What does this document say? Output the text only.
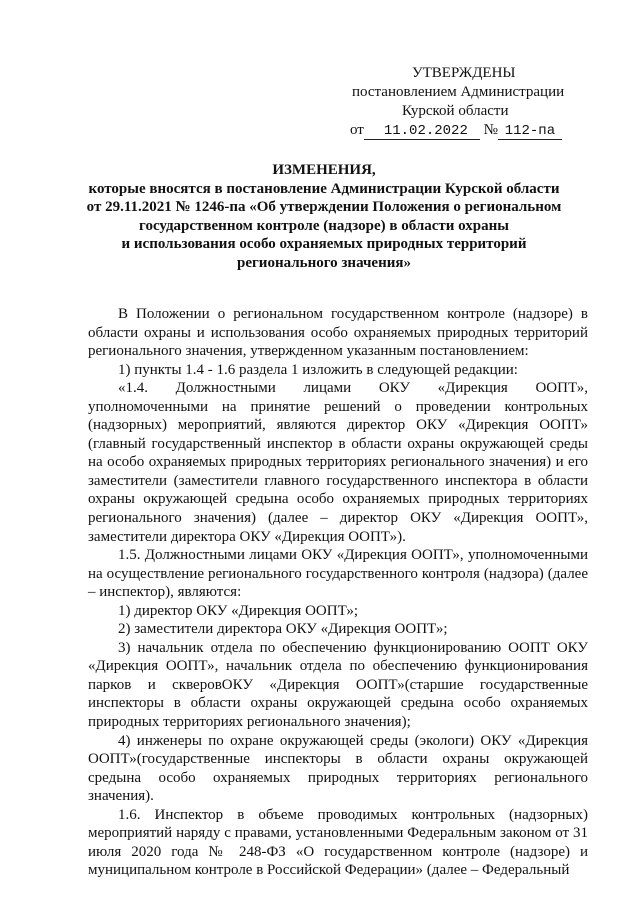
УТВЕРЖДЕНЫ
постановлением Администрации
Курской области
от 11.02.2022 № 112-па
ИЗМЕНЕНИЯ,
которые вносятся в постановление Администрации Курской области
от 29.11.2021 № 1246-па «Об утверждении Положения о региональном
государственном контроле (надзоре) в области охраны
и использования особо охраняемых природных территорий
регионального значения»

В Положении о региональном государственном контроле (надзоре) в области охраны и использования особо охраняемых природных территорий регионального значения, утвержденном указанным постановлением:

1) пункты 1.4 - 1.6 раздела 1 изложить в следующей редакции:

«1.4. Должностными лицами ОКУ «Дирекция ООПТ», уполномоченными на принятие решений о проведении контрольных (надзорных) мероприятий, являются директор ОКУ «Дирекция ООПТ» (главный государственный инспектор в области охраны окружающей среды на особо охраняемых природных территориях регионального значения) и его заместители (заместители главного государственного инспектора в области охраны окружающей средына особо охраняемых природных территориях регионального значения) (далее – директор ОКУ «Дирекция ООПТ», заместители директора ОКУ «Дирекция ООПТ»).

1.5. Должностными лицами ОКУ «Дирекция ООПТ», уполномоченными на осуществление регионального государственного контроля (надзора) (далее – инспектор), являются:

1) директор ОКУ «Дирекция ООПТ»;

2) заместители директора ОКУ «Дирекция ООПТ»;

3) начальник отдела по обеспечению функционированию ООПТ ОКУ «Дирекция ООПТ», начальник отдела по обеспечению функционирования парков и скверовОКУ «Дирекция ООПТ»(старшие государственные инспекторы в области охраны окружающей средына особо охраняемых природных территориях регионального значения);

4) инженеры по охране окружающей среды (экологи) ОКУ «Дирекция ООПТ»(государственные инспекторы в области охраны окружающей средына особо охраняемых природных территориях регионального значения).

1.6. Инспектор в объеме проводимых контрольных (надзорных) мероприятий наряду с правами, установленными Федеральным законом от 31 июля 2020 года № 248-ФЗ «О государственном контроле (надзоре) и муниципальном контроле в Российской Федерации» (далее – Федеральный
